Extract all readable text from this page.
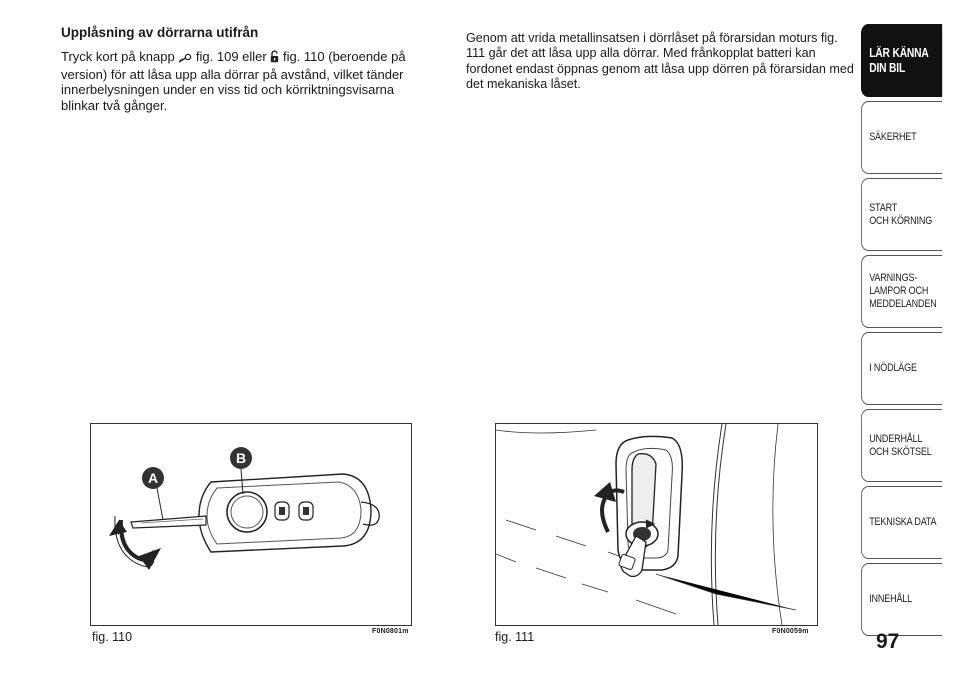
Upplåsning av dörrarna utifrån

Tryck kort på knapp  fig. 109 eller  fig. 110 (beroende på version) för att låsa upp alla dörrar på avstånd, vilket tänder innerbelysningen under en viss tid och körriktningsvisarna blinkar två gånger.

Genom att vrida metallinsatsen i dörrlåset på förarsidan moturs fig. 111 går det att låsa upp alla dörrar. Med frånkopplat batteri kan fordonet endast öppnas genom att låsa upp dörren på förarsidan med det mekaniska låset.

A
B
fig. 110	F0N0801m	fig. 111	F0N0059m
LÄR KÄNNA
DIN BIL
SÄKERHET
START
OCH KÖRNING
VARNINGS-
LAMPOR OCH
MEDDELANDEN
I NÖDLÄGE
UNDERHÅLL
OCH SKÖTSEL
TEKNISKA DATA
INNEHÅLL
97
